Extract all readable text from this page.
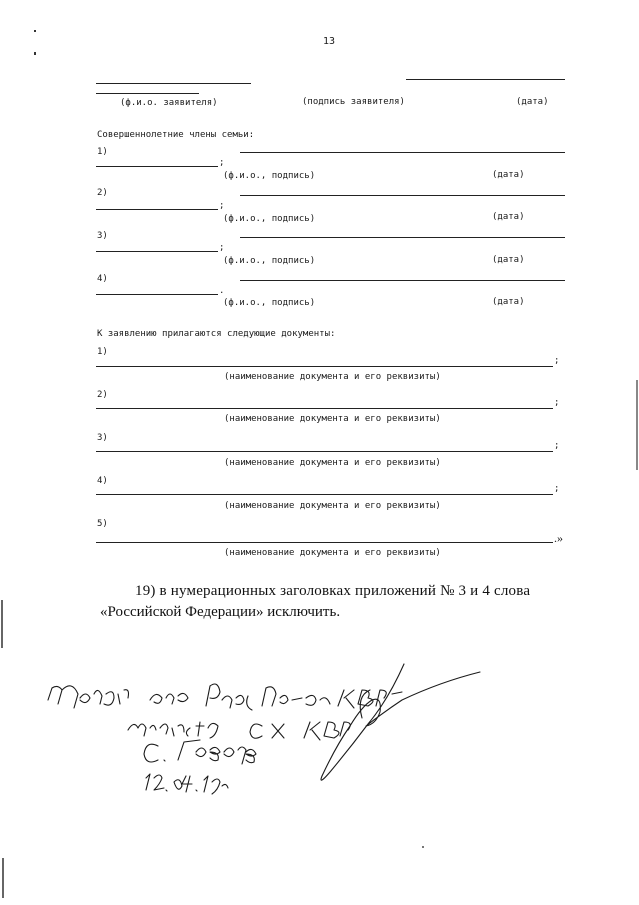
13
(ф.и.о. заявителя)	(подпись заявителя)	(дата)
Совершеннолетние члены семьи:
1)
;
(ф.и.о., подпись)	(дата)
2)
;
(ф.и.о., подпись)	(дата)
3)
;
(ф.и.о., подпись)	(дата)
4)
.
(ф.и.о., подпись)	(дата)
К заявлению прилагаются следующие документы:
1)
;
(наименование документа и его реквизиты)
2)
;
(наименование документа и его реквизиты)
3)
;
(наименование документа и его реквизиты)
4)
;
(наименование документа и его реквизиты)
5)
.»
(наименование документа и его реквизиты)
19) в нумерационных заголовках приложений № 3 и 4 слова
«Российской Федерации» исключить.
